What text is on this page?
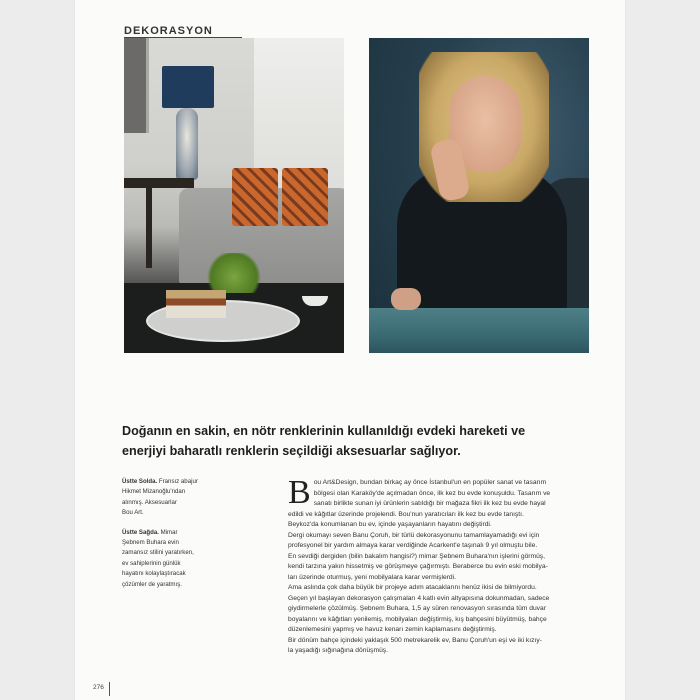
DEKORASYON
Doğanın en sakin, en nötr renklerinin kullanıldığı evdeki hareketi ve
enerjiyi baharatlı renklerin seçildiği aksesuarlar sağlıyor.
Üstte Solda. Fransız abajur
Hikmet Mizanoğlu'ndan
alınmış. Aksesuarlar
Bou Art.
Üstte Sağda. Mimar
Şebnem Buhara evin
zamansız stilini yaratırken,
ev sahiplerinin günlük
hayatını kolaylaştıracak
çözümler de yaratmış.
B ou Art&Design, bundan birkaç ay önce İstanbul'un en popüler sanat ve tasarım

bölgesi olan Karaköy'de açılmadan önce, ilk kez bu evde konuşuldu. Tasarım ve

sanatı birlikte sunan iyi ürünlerin satıldığı bir mağaza fikri ilk kez bu evde hayal

edildi ve kâğıtlar üzerinde projelendi. Bou'nun yaratıcıları ilk kez bu evde tanıştı.

Beykoz'da konumlanan bu ev, içinde yaşayanların hayatını değiştirdi.

Dergi okumayı seven Banu Çoruh, bir türlü dekorasyonunu tamamlayamadığı evi için

profesyonel bir yardım almaya karar verdiğinde Acarkent'e taşınalı 9 yıl olmuştu bile.

En sevdiği dergiden (bilin bakalım hangisi?) mimar Şebnem Buhara'nın işlerini görmüş,

kendi tarzına yakın hissetmiş ve görüşmeye çağırmıştı. Beraberce bu evin eski mobilya-

ları üzerinde oturmuş, yeni mobilyalara karar vermişlerdi.

Ama aslında çok daha büyük bir projeye adım atacaklarını henüz ikisi de bilmiyordu.

Geçen yıl başlayan dekorasyon çalışmaları 4 katlı evin altyapısına dokunmadan, sadece

giydirmelerle çözülmüş. Şebnem Buhara, 1,5 ay süren renovasyon sırasında tüm duvar

boyalarını ve kâğıtları yenilemiş, mobilyaları değiştirmiş, kış bahçesini büyütmüş, bahçe

düzenlemesini yapmış ve havuz kenarı zemin kaplamasını değiştirmiş.

Bir dönüm bahçe içindeki yaklaşık 500 metrekarelik ev, Banu Çoruh'un eşi ve iki kızıy-

la yaşadığı sığınağına dönüşmüş.

276
